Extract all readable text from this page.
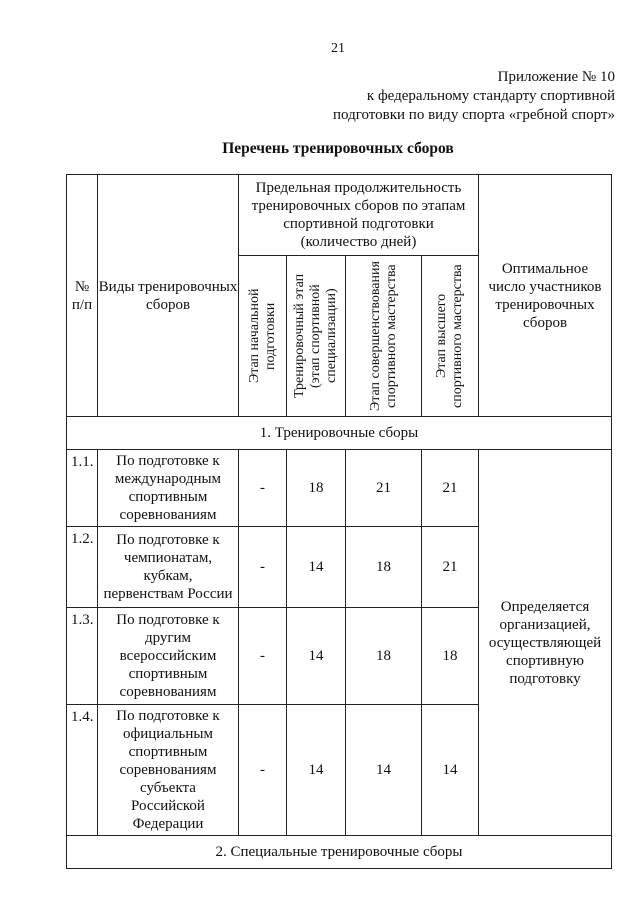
21
Приложение № 10
к федеральному стандарту спортивной
подготовки по виду спорта «гребной спорт»
Перечень тренировочных сборов
№ п/п	Виды тренировочных сборов	Предельная продолжительность тренировочных сборов по этапам спортивной подготовки (количество дней)				Оптимальное число участников тренировочных сборов

		Этап начальной подготовки	Тренировочный этап (этап спортивной специализации)	Этап совершенствования спортивного мастерства	Этап высшего спортивного мастерства	

1. Тренировочные сборы						
1.1.	По подготовке к международным спортивным соревнованиям	-	18	21	21	Определяется организацией, осуществляющей спортивную подготовку
1.2.	По подготовке к чемпионатам, кубкам, первенствам России	-	14	18	21	
1.3.	По подготовке к другим всероссийским спортивным соревнованиям	-	14	18	18	
1.4.	По подготовке к официальным спортивным соревнованиям субъекта Российской Федерации	-	14	14	14	
2. Специальные тренировочные сборы						
